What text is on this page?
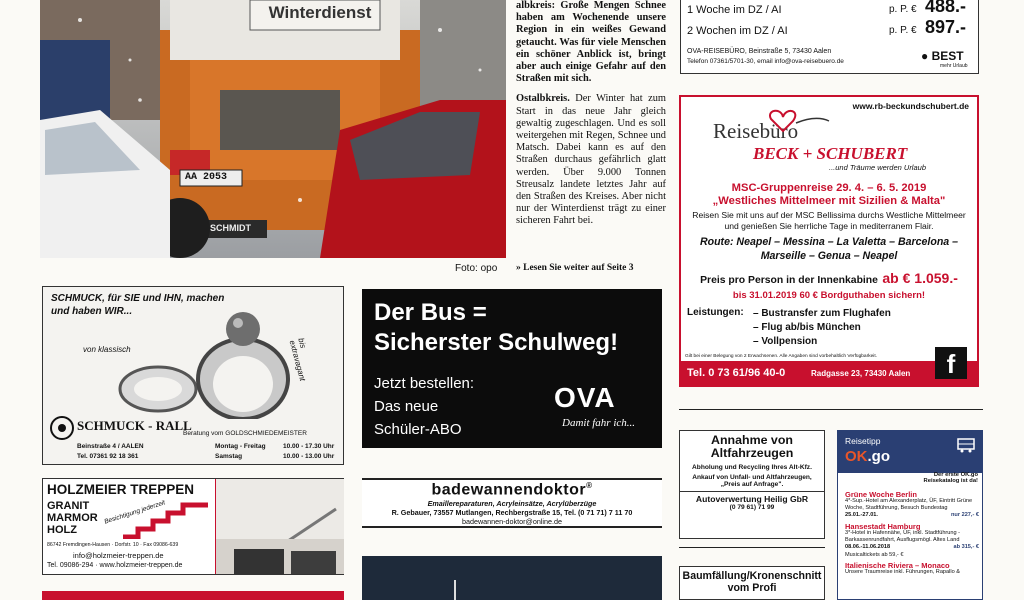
Winterdienst
AA 2053
SCHMIDT
Foto: opo

albkreis: Große Mengen Schnee haben am Wochenende unsere Region in ein weißes Gewand getaucht. Was für viele Menschen ein schöner Anblick ist, bringt aber auch einige Gefahr auf den Straßen mit sich.

Ostalbkreis. Der Winter hat zum Start in das neue Jahr gleich gewaltig zugeschlagen. Und es soll weitergehen mit Regen, Schnee und Matsch. Dabei kann es auf den Straßen durchaus gefährlich glatt werden. Über 9.000 Tonnen Streusalz landete letztes Jahr auf den Straßen des Kreises. Aber nicht nur der Winterdienst trägt zu einer sicheren Fahrt bei.

» Lesen Sie weiter auf Seite 3
1 Woche im DZ / AI	p. P. € 488.-
2 Wochen im DZ / AI	p. P. € 897.-
OVA-REISEBÜRO, Beinstraße 5, 73430 Aalen
Telefon 07361/5701-30, email info@ova-reisebuero.de	● BEST
mehr Urlaub
www.rb-beckundschubert.de
Reisebüro
BECK + SCHUBERT
...und Träume werden Urlaub
MSC-Gruppenreise 29. 4. – 6. 5. 2019
„Westliches Mittelmeer mit Sizilien & Malta"
Reisen Sie mit uns auf der MSC Bellissima durchs Westliche Mittelmeer und genießen Sie herrliche Tage in mediterranem Flair.
Route: Neapel – Messina – La Valetta – Barcelona – Marseille – Genua – Neapel
Preis pro Person in der Innenkabine ab € 1.059.-
bis 31.01.2019 60 € Bordguthaben sichern!
Leistungen: – Bustransfer zum Flughafen
– Flug ab/bis München
– Vollpension
Gilt bei einer Belegung von 2 Erwachsenen. Alle Angaben sind vorbehaltlich Verfügbarkeit.
Tel. 0 73 61/96 40-0	Radgasse 23, 73430 Aalen	f
SCHMUCK, für SIE und IHN, machen und haben WIR...
von klassisch
bis extravagant
SCHMUCK - RALL
Beratung vom GOLDSCHMIEDEMEISTER
Beinstraße 4 / AALEN
Tel. 07361 92 18 361
Montag - Freitag	10.00 - 17.30 Uhr
Samstag	10.00 - 13.00 Uhr
Der Bus =
Sicherster Schulweg!
Jetzt bestellen:
Das neue
Schüler-ABO
OVA
Damit fahr ich...
HOLZMEIER TREPPEN
GRANIT
MARMOR
HOLZ
Besichtigung jederzeit
86742 Fremdingen-Hausen · Dorfstr. 10 · Fax 09086-639
info@holzmeier-treppen.de
Tel. 09086-294 · www.holzmeier-treppen.de
badewannendoktor®
Emaillereparaturen, Acryleinsätze, Acrylüberzüge
R. Gebauer, 73557 Mutlangen, Rechbergstraße 15, Tel. (0 71 71) 7 11 70
badewannen-doktor@online.de
Annahme von Altfahrzeugen
Abholung und Recycling Ihres Alt-Kfz.
Ankauf von Unfall- und Altfahrzeugen, „Preis auf Anfrage".
Autoverwertung Heilig GbR
(0 79 61) 71 99
Baumfällung/Kronenschnitt
vom Profi
Reisetipp
OK.go
Der erste OK.go Reisekatalog ist da!
Grüne Woche Berlin
4*-Sup.-Hotel am Alexanderplatz, ÜF, Eintritt Grüne Woche, Stadtführung, Besuch Bundestag
25.01.-27.01.	nur 227,- €
Hansestadt Hamburg
3*-Hotel in Hafennähe, ÜF, inkl. Stadtführung - Barkassenrundfahrt, Ausflugsmögl. Altes Land
08.06.-11.06.2018	ab 315,- €
Musicaltickets ab 59,- €
Italienische Riviera – Monaco
Unsere Traumreise inkl. Führungen, Rapallo &
